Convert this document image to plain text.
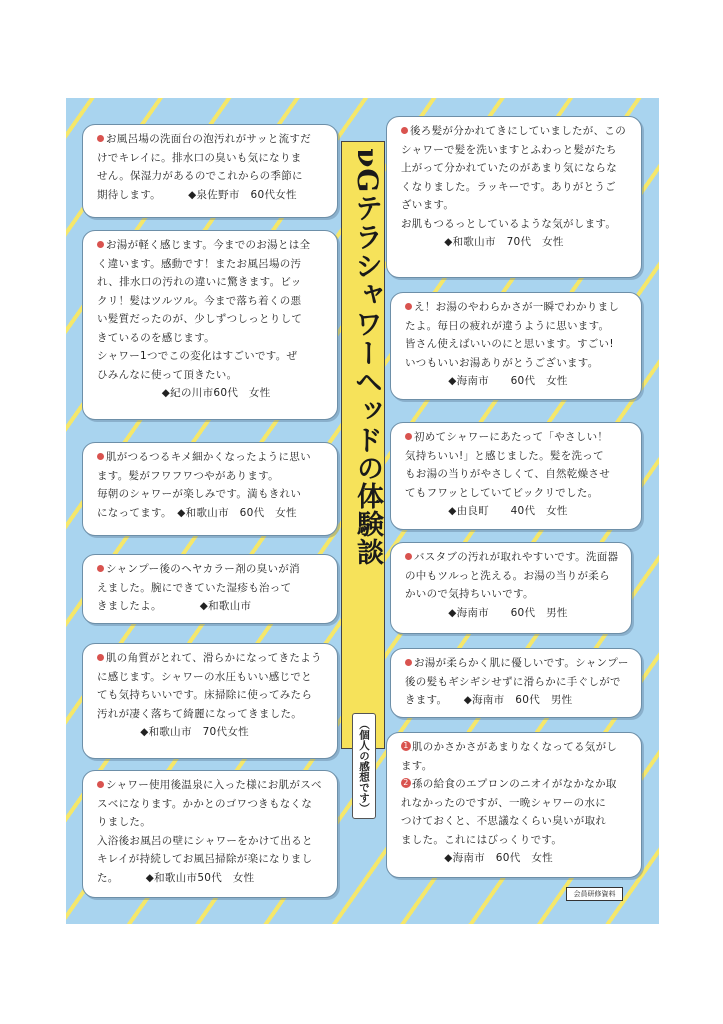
お風呂場の洗面台の泡汚れがサッと流すだ

けでキレイに。排水口の臭いも気になりま

せん。保湿力があるのでこれからの季節に

期待します。　　　◆泉佐野市　60代女性

お湯が軽く感じます。今までのお湯とは全

く違います。感動です！またお風呂場の汚

れ、排水口の汚れの違いに驚きます。ビッ

クリ！髪はツルツル。今まで落ち着くの悪

い髪質だったのが、少しずつしっとりして

きているのを感じます。

シャワー1つでこの変化はすごいです。ぜ

ひみんなに使って頂きたい。

　　　　　　◆紀の川市60代　女性

肌がつるつるキメ細かくなったように思い

ます。髪がフワフワつやがあります。

毎朝のシャワーが楽しみです。満もきれい

になってます。　◆和歌山市　60代　女性

シャンプー後のヘヤカラー剤の臭いが消

えました。腕にできていた湿疹も治って

きましたよ。　　　　◆和歌山市

肌の角質がとれて、滑らかになってきたよう

に感じます。シャワーの水圧もいい感じでと

ても気持ちいいです。床掃除に使ってみたら

汚れが凄く落ちて綺麗になってきました。

　　　　◆和歌山市　70代女性

シャワー使用後温泉に入った様にお肌がスベ

スベになります。かかとのゴワつきもなくな

りました。

入浴後お風呂の壁にシャワーをかけて出ると

キレイが持続してお風呂掃除が楽になりまし

た。　　　◆和歌山市50代　女性

νGテラシャワーヘッドの体験談
（個人の感想です）

後ろ髪が分かれてきにしていましたが、この

シャワーで髪を洗いますとふわっと髪がたち

上がって分かれていたのがあまり気にならな

くなりました。ラッキーです。ありがとうご

ざいます。

お肌もつるっとしているような気がします。

　　　　◆和歌山市　70代　女性

え！お湯のやわらかさが一瞬でわかりまし

たよ。毎日の疲れが違うように思います。

皆さん使えばいいのにと思います。すごい!

いつもいいお湯ありがとうございます。

　　　　◆海南市　　60代　女性

初めてシャワーにあたって「やさしい！

気持ちいい!」と感じました。髪を洗って

もお湯の当りがやさしくて、自然乾燥させ

てもフワッとしていてビックリでした。

　　　　◆由良町　　40代　女性

バスタブの汚れが取れやすいです。洗面器

の中もツルっと洗える。お湯の当りが柔ら

かいので気持ちいいです。

　　　　◆海南市　　60代　男性

お湯が柔らかく肌に優しいです。シャンプー

後の髪もギシギシせずに滑らかに手ぐしがで

きます。　　◆海南市　60代　男性

1 肌のかさかさがあまりなくなってる気がし

ます。

2 孫の給食のエプロンのニオイがなかなか取

れなかったのですが、一晩シャワーの水に

つけておくと、不思議なくらい臭いが取れ

ました。これにはびっくりです。

　　　　◆海南市　60代　女性

会員研修資料
